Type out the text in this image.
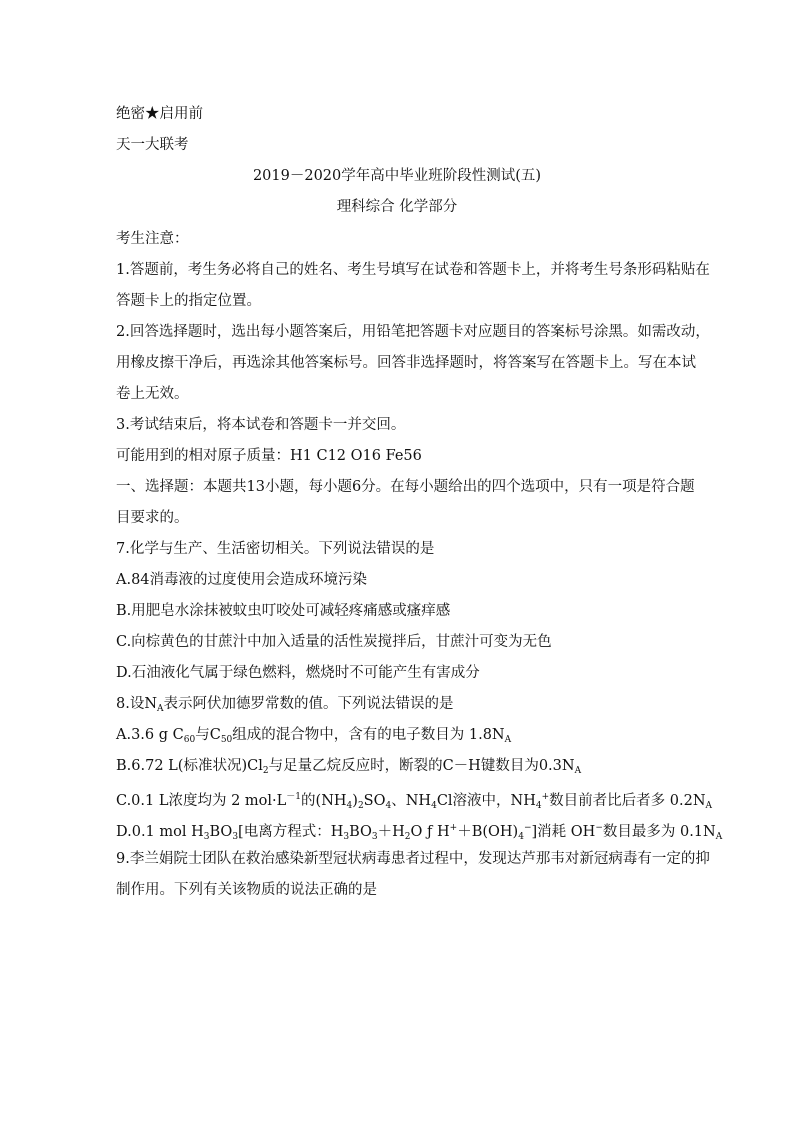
绝密★启用前
天一大联考
2019－2020学年高中毕业班阶段性测试(五)
理科综合 化学部分
考生注意：
1.答题前，考生务必将自己的姓名、考生号填写在试卷和答题卡上，并将考生号条形码粘贴在
答题卡上的指定位置。
2.回答选择题时，选出每小题答案后，用铅笔把答题卡对应题目的答案标号涂黑。如需改动，
用橡皮擦干净后，再选涂其他答案标号。回答非选择题时，将答案写在答题卡上。写在本试
卷上无效。
3.考试结束后，将本试卷和答题卡一并交回。
可能用到的相对原子质量：H1 C12 O16 Fe56
一、选择题：本题共13小题，每小题6分。在每小题给出的四个选项中，只有一项是符合题
目要求的。
7.化学与生产、生活密切相关。下列说法错误的是
A.84消毒液的过度使用会造成环境污染
B.用肥皂水涂抹被蚊虫叮咬处可减轻疼痛感或瘙痒感
C.向棕黄色的甘蔗汁中加入适量的活性炭搅拌后，甘蔗汁可变为无色
D.石油液化气属于绿色燃料，燃烧时不可能产生有害成分
8.设$N_A$表示阿伏加德罗常数的值。下列说法错误的是
A.3.6 g $C_{60}$与$C_{50}$组成的混合物中，含有的电子数目为 $1.8N_A$
B.6.72 L(标准状况)$Cl_2$与足量乙烷反应时，断裂的C－H键数目为$0.3N_A$
C.0.1 L浓度均为 2 $mol\cdot L^{-1}$的$(NH_4)_2SO_4$、$NH_4Cl$溶液中，$NH_4^+$数目前者比后者多 $0.2N_A$
D.0.1 mol $H_3BO_3$[电离方程式：$H_3BO_3+H_2O$ ƒ $H^++B(OH)_4^-$]消耗 OH−数目最多为 $0.1N_A$
9.李兰娟院士团队在救治感染新型冠状病毒患者过程中，发现达芦那韦对新冠病毒有一定的抑
制作用。下列有关该物质的说法正确的是
